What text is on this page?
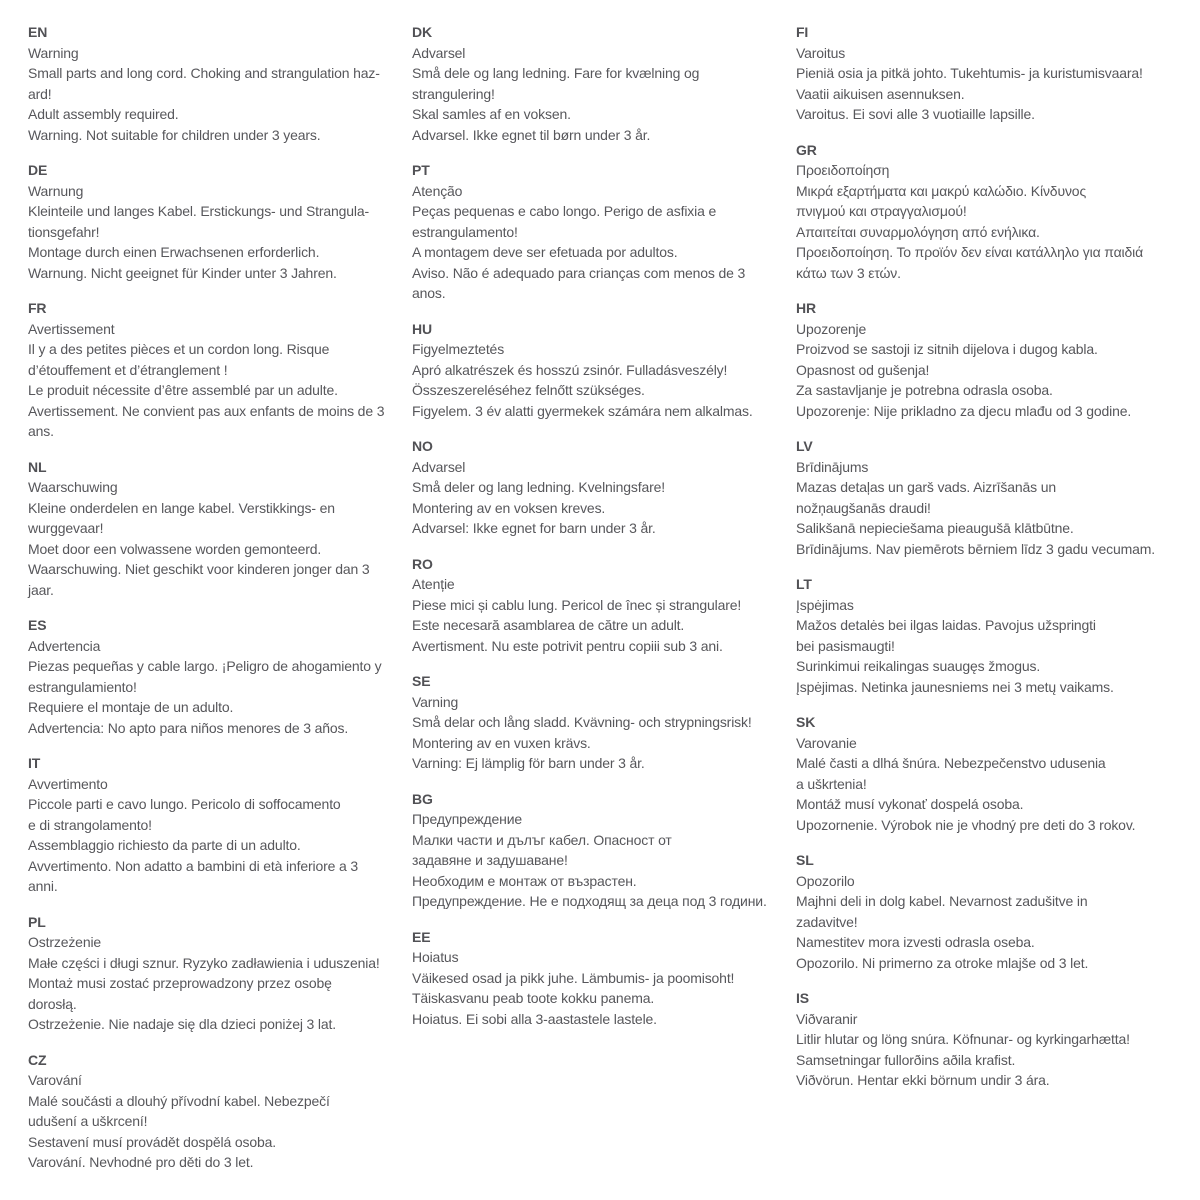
EN
Warning
Small parts and long cord. Choking and strangulation haz-
ard!
Adult assembly required.
Warning. Not suitable for children under 3 years.
DE
Warnung
Kleinteile und langes Kabel. Erstickungs- und Strangula-
tionsgefahr!
Montage durch einen Erwachsenen erforderlich.
Warnung. Nicht geeignet für Kinder unter 3 Jahren.
FR
Avertissement
Il y a des petites pièces et un cordon long. Risque
d’étouffement et d’étranglement !
Le produit nécessite d’être assemblé par un adulte.
Avertissement. Ne convient pas aux enfants de moins de 3
ans.
NL
Waarschuwing
Kleine onderdelen en lange kabel. Verstikkings- en
wurggevaar!
Moet door een volwassene worden gemonteerd.
Waarschuwing. Niet geschikt voor kinderen jonger dan 3
jaar.
ES
Advertencia
Piezas pequeñas y cable largo. ¡Peligro de ahogamiento y
estrangulamiento!
Requiere el montaje de un adulto.
Advertencia: No apto para niños menores de 3 años.
IT
Avvertimento
Piccole parti e cavo lungo. Pericolo di soffocamento
e di strangolamento!
Assemblaggio richiesto da parte di un adulto.
Avvertimento. Non adatto a bambini di età inferiore a 3
anni.
PL
Ostrzeżenie
Małe części i długi sznur. Ryzyko zadławienia i uduszenia!
Montaż musi zostać przeprowadzony przez osobę
dorosłą.
Ostrzeżenie. Nie nadaje się dla dzieci poniżej 3 lat.
CZ
Varování
Malé součásti a dlouhý přívodní kabel. Nebezpečí
udušení a uškrcení!
Sestavení musí provádět dospělá osoba.
Varování. Nevhodné pro děti do 3 let.
DK
Advarsel
Små dele og lang ledning. Fare for kvælning og
strangulering!
Skal samles af en voksen.
Advarsel. Ikke egnet til børn under 3 år.
PT
Atenção
Peças pequenas e cabo longo. Perigo de asfixia e
estrangulamento!
A montagem deve ser efetuada por adultos.
Aviso. Não é adequado para crianças com menos de 3
anos.
HU
Figyelmeztetés
Apró alkatrészek és hosszú zsinór. Fulladásveszély!
Összeszereléséhez felnőtt szükséges.
Figyelem. 3 év alatti gyermekek számára nem alkalmas.
NO
Advarsel
Små deler og lang ledning. Kvelningsfare!
Montering av en voksen kreves.
Advarsel: Ikke egnet for barn under 3 år.
RO
Atenție
Piese mici și cablu lung. Pericol de înec și strangulare!
Este necesară asamblarea de către un adult.
Avertisment. Nu este potrivit pentru copiii sub 3 ani.
SE
Varning
Små delar och lång sladd. Kvävning- och strypningsrisk!
Montering av en vuxen krävs.
Varning: Ej lämplig för barn under 3 år.
BG
Предупреждение
Малки части и дълъг кабел. Опасност от
задавяне и задушаване!
Необходим е монтаж от възрастен.
Предупреждение. Не е подходящ за деца под 3 години.
EE
Hoiatus
Väikesed osad ja pikk juhe. Lämbumis- ja poomisoht!
Täiskasvanu peab toote kokku panema.
Hoiatus. Ei sobi alla 3-aastastele lastele.
FI
Varoitus
Pieniä osia ja pitkä johto. Tukehtumis- ja kuristumisvaara!
Vaatii aikuisen asennuksen.
Varoitus. Ei sovi alle 3 vuotiaille lapsille.
GR
Προειδοποίηση
Μικρά εξαρτήματα και μακρύ καλώδιο. Κίνδυνος
πνιγμού και στραγγαλισμού!
Απαιτείται συναρμολόγηση από ενήλικα.
Προειδοποίηση. Το προϊόν δεν είναι κατάλληλο για παιδιά
κάτω των 3 ετών.
HR
Upozorenje
Proizvod se sastoji iz sitnih dijelova i dugog kabla.
Opasnost od gušenja!
Za sastavljanje je potrebna odrasla osoba.
Upozorenje: Nije prikladno za djecu mlađu od 3 godine.
LV
Brīdinājums
Mazas detaļas un garš vads. Aizrīšanās un
nožņaugšanās draudi!
Salikšanā nepieciešama pieaugušā klātbūtne.
Brīdinājums. Nav piemērots bērniem līdz 3 gadu vecumam.
LT
Įspėjimas
Mažos detalės bei ilgas laidas. Pavojus užspringti
bei pasismaugti!
Surinkimui reikalingas suaugęs žmogus.
Įspėjimas. Netinka jaunesniems nei 3 metų vaikams.
SK
Varovanie
Malé časti a dlhá šnúra. Nebezpečenstvo udusenia
a uškrtenia!
Montáž musí vykonať dospelá osoba.
Upozornenie. Výrobok nie je vhodný pre deti do 3 rokov.
SL
Opozorilo
Majhni deli in dolg kabel. Nevarnost zadušitve in
zadavitve!
Namestitev mora izvesti odrasla oseba.
Opozorilo. Ni primerno za otroke mlajše od 3 let.
IS
Viðvaranir
Litlir hlutar og löng snúra. Köfnunar- og kyrkingarhætta!
Samsetningar fullorðins aðila krafist.
Viðvörun. Hentar ekki börnum undir 3 ára.
